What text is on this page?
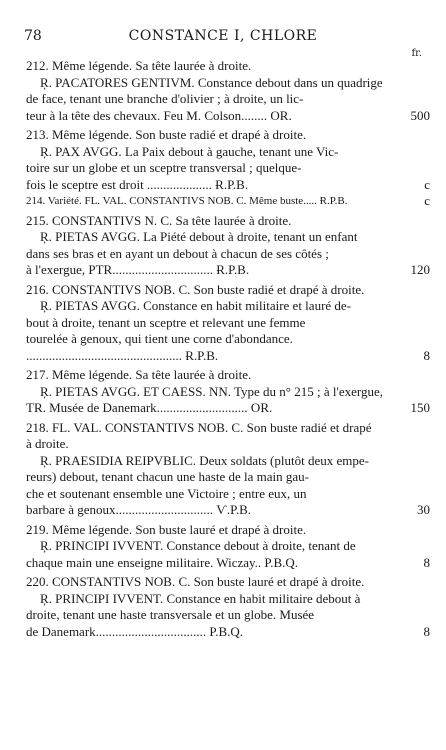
78	CONSTANCE I, CHLORE
fr.
212. Même légende. Sa tête laurée à droite.
Ŗ. PACATORES GENTIVM. Constance debout dans un quadrige
de face, tenant une branche d'olivier ; à droite, un lic-
teur à la tête des chevaux. Feu M. Colson........ OR.	500
213. Même légende. Son buste radié et drapé à droite.
Ŗ. PAX AVGG. La Paix debout à gauche, tenant une Vic-
toire sur un globe et un sceptre transversal ; quelque-
fois le sceptre est droit .................... Ɍ.P.B.	c
214. Variété. FL. VAL. CONSTANTIVS NOB. C. Même buste..... Ɍ.P.B.	c
215. CONSTANTIVS N. C. Sa tête laurée à droite.
Ŗ. PIETAS AVGG. La Piété debout à droite, tenant un enfant
dans ses bras et en ayant un debout à chacun de ses côtés ;
à l'exergue, PTR............................... Ɍ.P.B.	120
216. CONSTANTIVS NOB. C. Son buste radié et drapé à droite.
Ŗ. PIETAS AVGG. Constance en habit militaire et lauré de-
bout à droite, tenant un sceptre et relevant une femme
tourelée à genoux, qui tient une corne d'abondance.
................................................ Ɍ.P.B.	8
217. Même légende. Sa tête laurée à droite.
Ŗ. PIETAS AVGG. ET CAESS. NN. Type du n° 215 ; à l'exergue,
TR. Musée de Danemark............................ OR.	150
218. FL. VAL. CONSTANTIVS NOB. C. Son buste radié et drapé
à droite.
Ŗ. PRAESIDIA REIPVBLIC. Deux soldats (plutôt deux empe-
reurs) debout, tenant chacun une haste de la main gau-
che et soutenant ensemble une Victoire ; entre eux, un
barbare à genoux.............................. Ѵ.P.B.	30
219. Même légende. Son buste lauré et drapé à droite.
Ŗ. PRINCIPI IVVENT. Constance debout à droite, tenant de
chaque main une enseigne militaire. Wiczay.. P.B.Q.	8
220. CONSTANTIVS NOB. C. Son buste lauré et drapé à droite.
Ŗ. PRINCIPI IVVENT. Constance en habit militaire debout à
droite, tenant une haste transversale et un globe. Musée
de Danemark.................................. P.B.Q.	8
